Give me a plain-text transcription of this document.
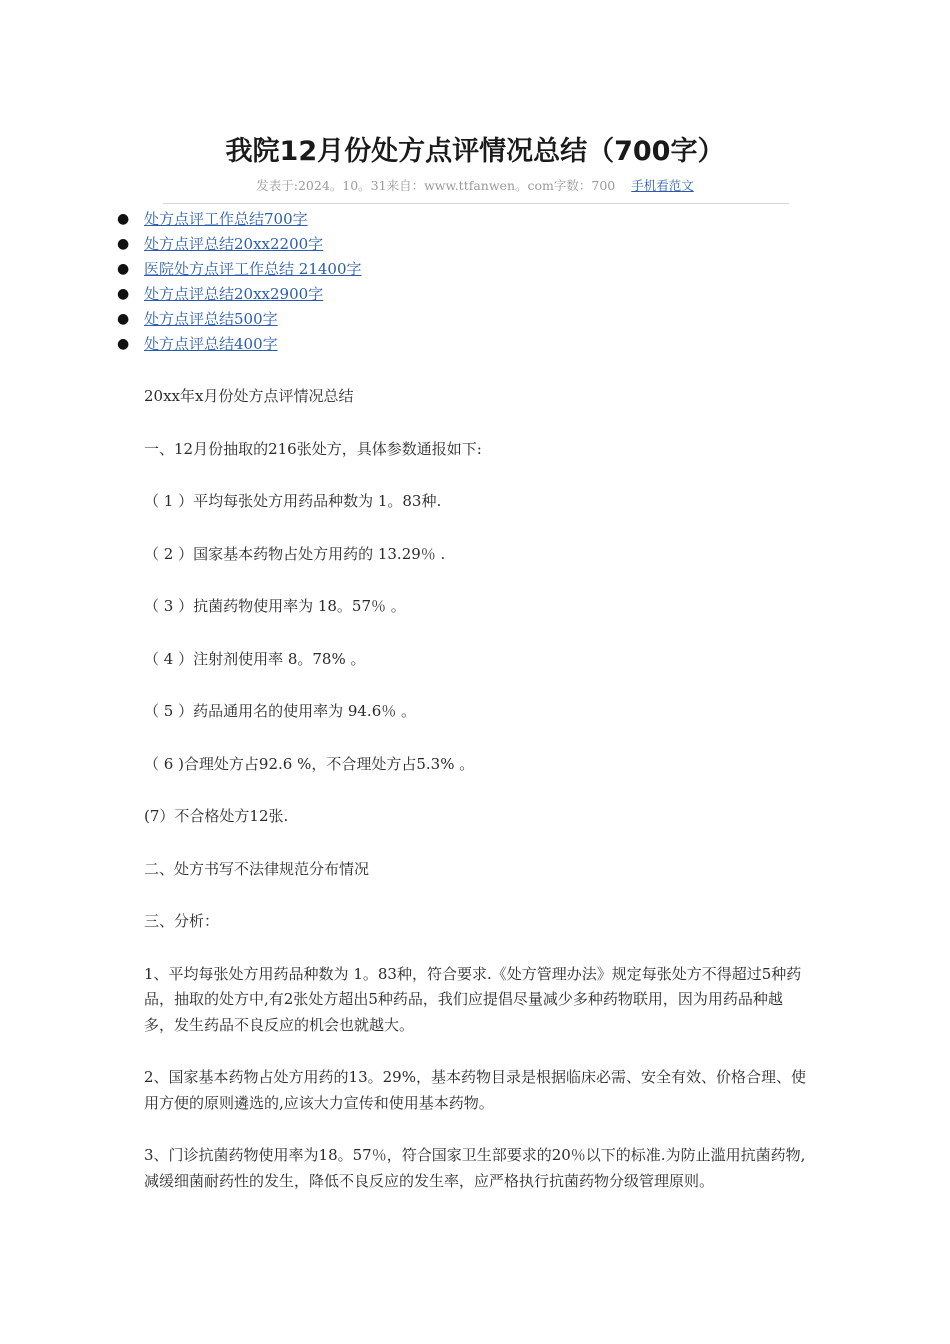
我院12月份处方点评情况总结（700字）
发表于:2024。10。31来自：www.ttfanwen。com字数：700 手机看范文
● 处方点评工作总结700字
● 处方点评总结20xx2200字
● 医院处方点评工作总结 21400字
● 处方点评总结20xx2900字
● 处方点评总结500字
● 处方点评总结400字

20xx年x月份处方点评情况总结

一、12月份抽取的216张处方，具体参数通报如下:

（ 1 ）平均每张处方用药品种数为 1。83种.

（ 2 ）国家基本药物占处方用药的 13.29％ .

（ 3 ）抗菌药物使用率为 18。57％ 。

（ 4 ）注射剂使用率 8。78% 。

（ 5 ）药品通用名的使用率为 94.6％ 。

（ 6 )合理处方占92.6 %，不合理处方占5.3% 。

(7）不合格处方12张.

二、处方书写不法律规范分布情况

三、分析：

1、平均每张处方用药品种数为 1。83种，符合要求.《处方管理办法》规定每张处方不得超过5种药品，抽取的处方中,有2张处方超出5种药品，我们应提倡尽量减少多种药物联用，因为用药品种越多，发生药品不良反应的机会也就越大。

2、国家基本药物占处方用药的13。29%，基本药物目录是根据临床必需、安全有效、价格合理、使用方便的原则遴选的,应该大力宣传和使用基本药物。

3、门诊抗菌药物使用率为18。57％，符合国家卫生部要求的20％以下的标准.为防止滥用抗菌药物,减缓细菌耐药性的发生，降低不良反应的发生率，应严格执行抗菌药物分级管理原则。
